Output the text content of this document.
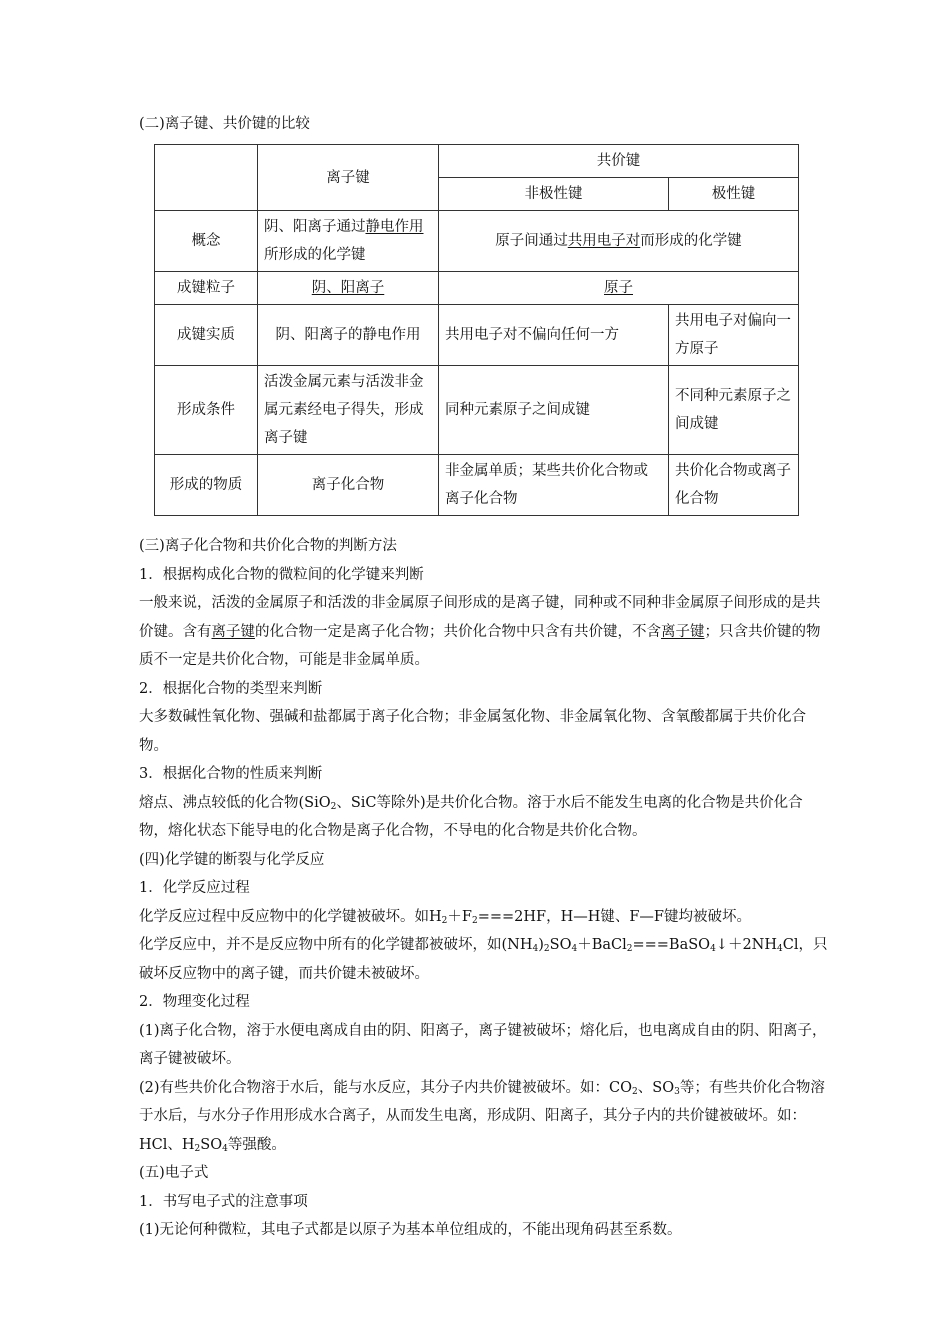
(二)离子键、共价键的比较

	离子键	共价键	
		非极性键	极性键
概念	阴、阳离子通过静电作用所形成的化学键	原子间通过共用电子对而形成的化学键	
成键粒子	阴、阳离子	原子	
成键实质	阴、阳离子的静电作用	共用电子对不偏向任何一方	共用电子对偏向一方原子
形成条件	活泼金属元素与活泼非金属元素经电子得失，形成离子键	同种元素原子之间成键	不同种元素原子之间成键
形成的物质	离子化合物	非金属单质；某些共价化合物或离子化合物	共价化合物或离子化合物

(三)离子化合物和共价化合物的判断方法

1．根据构成化合物的微粒间的化学键来判断

一般来说，活泼的金属原子和活泼的非金属原子间形成的是离子键，同种或不同种非金属原子间形成的是共价键。含有离子键的化合物一定是离子化合物；共价化合物中只含有共价键，不含离子键；只含共价键的物质不一定是共价化合物，可能是非金属单质。

2．根据化合物的类型来判断

大多数碱性氧化物、强碱和盐都属于离子化合物；非金属氢化物、非金属氧化物、含氧酸都属于共价化合物。

3．根据化合物的性质来判断

熔点、沸点较低的化合物(SiO$_2$、SiC等除外)是共价化合物。溶于水后不能发生电离的化合物是共价化合物，熔化状态下能导电的化合物是离子化合物，不导电的化合物是共价化合物。

(四)化学键的断裂与化学反应

1．化学反应过程

化学反应过程中反应物中的化学键被破坏。如$H_2+F_2===2HF$，H—H键、F—F键均被破坏。

化学反应中，并不是反应物中所有的化学键都被破坏，如$(NH_4)_2SO_4+BaCl_2===BaSO_4↓+2NH_4Cl$，只破坏反应物中的离子键，而共价键未被破坏。

2．物理变化过程

(1)离子化合物，溶于水便电离成自由的阴、阳离子，离子键被破坏；熔化后，也电离成自由的阴、阳离子，离子键被破坏。

(2)有些共价化合物溶于水后，能与水反应，其分子内共价键被破坏。如：$CO_2$、$SO_3$等；有些共价化合物溶于水后，与水分子作用形成水合离子，从而发生电离，形成阴、阳离子，其分子内的共价键被破坏。如：HCl、$H_2SO_4$等强酸。

(五)电子式

1．书写电子式的注意事项

(1)无论何种微粒，其电子式都是以原子为基本单位组成的，不能出现角码甚至系数。
